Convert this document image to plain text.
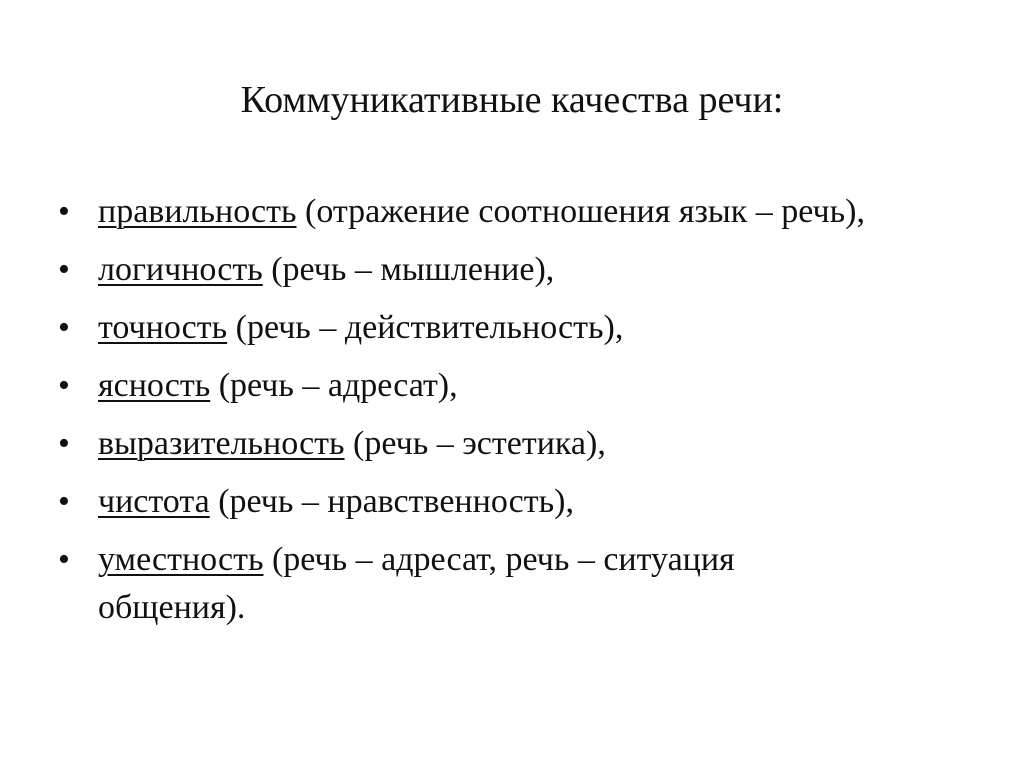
Коммуникативные качества речи:
• правильность (отражение соотношения язык – речь),
• логичность (речь – мышление),
• точность (речь – действительность),
• ясность (речь – адресат),
• выразительность (речь – эстетика),
• чистота (речь – нравственность),
• уместность (речь – адресат, речь – ситуация общения).
